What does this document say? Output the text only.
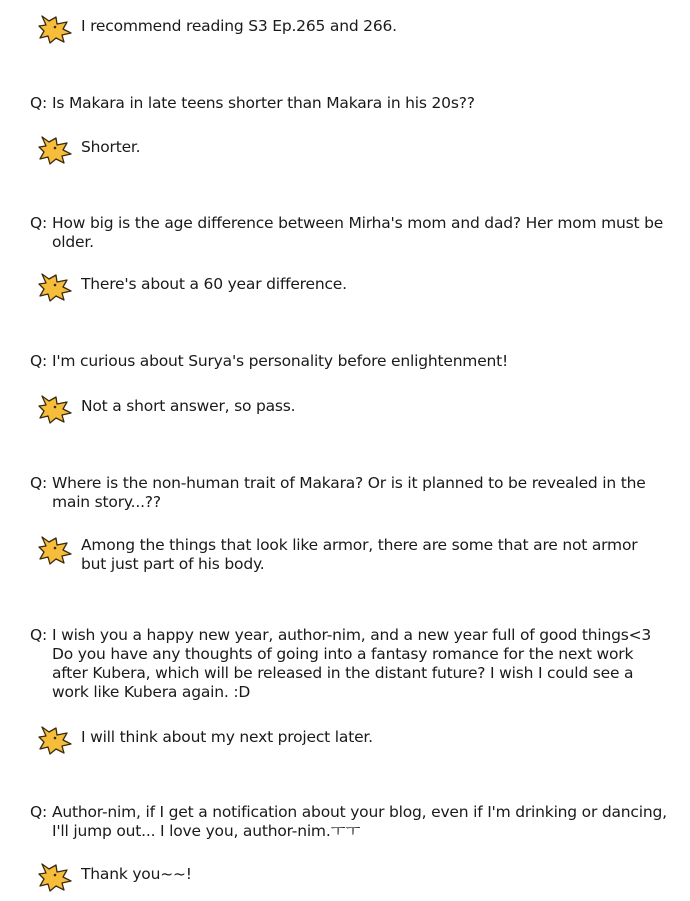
I recommend reading S3 Ep.265 and 266.
Q: Is Makara in late teens shorter than Makara in his 20s??
Shorter.
Q: How big is the age difference between Mirha's mom and dad? Her mom must be older.
There's about a 60 year difference.
Q: I'm curious about Surya's personality before enlightenment!
Not a short answer, so pass.
Q: Where is the non-human trait of Makara? Or is it planned to be revealed in the main story...??
Among the things that look like armor, there are some that are not armor but just part of his body.
Q: I wish you a happy new year, author-nim, and a new year full of good things<3 Do you have any thoughts of going into a fantasy romance for the next work after Kubera, which will be released in the distant future? I wish I could see a work like Kubera again. :D
I will think about my next project later.
Q: Author-nim, if I get a notification about your blog, even if I'm drinking or dancing, I'll jump out... I love you, author-nim.ㅜㅜ
Thank you~~!
